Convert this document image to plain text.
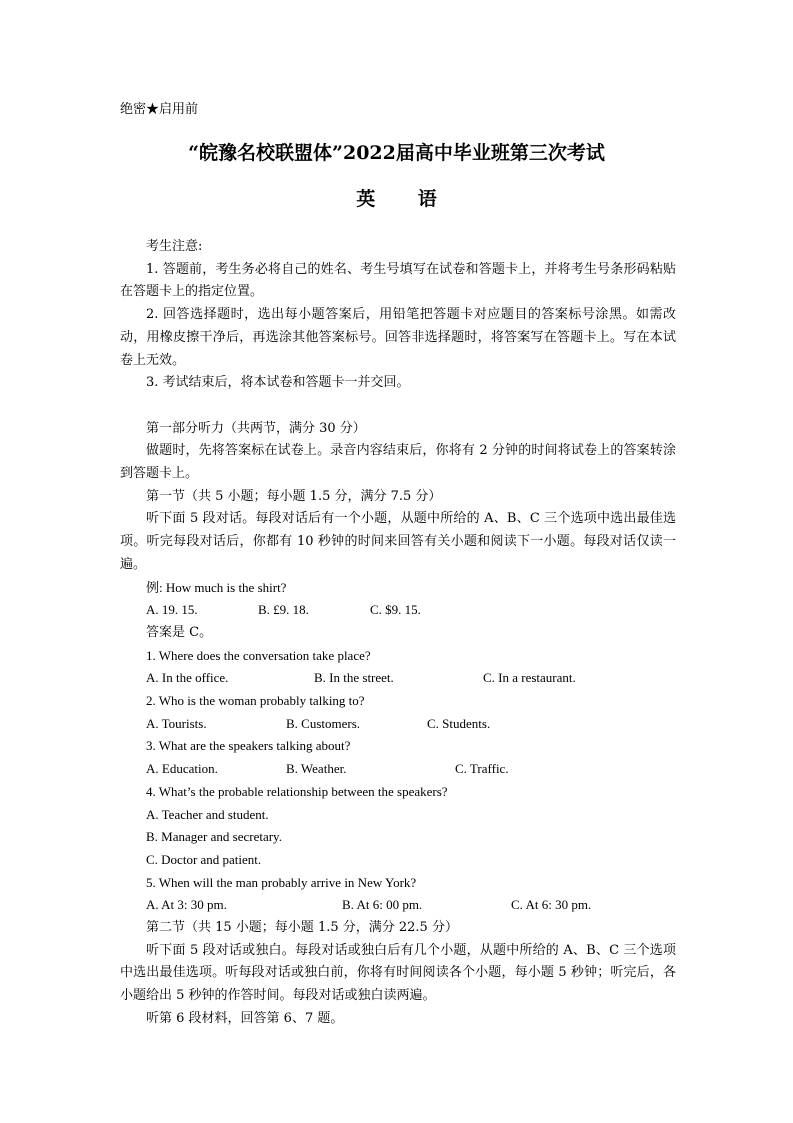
绝密★启用前
“皖豫名校联盟体”2022届高中毕业班第三次考试
英 语

考生注意:

1. 答题前，考生务必将自己的姓名、考生号填写在试卷和答题卡上，并将考生号条形码粘贴在答题卡上的指定位置。

2. 回答选择题时，选出每小题答案后，用铅笔把答题卡对应题目的答案标号涂黑。如需改动，用橡皮擦干净后，再选涂其他答案标号。回答非选择题时，将答案写在答题卡上。写在本试卷上无效。

3. 考试结束后，将本试卷和答题卡一并交回。

第一部分听力（共两节，满分 30 分）

做题时，先将答案标在试卷上。录音内容结束后，你将有 2 分钟的时间将试卷上的答案转涂到答题卡上。

第一节（共 5 小题；每小题 1.5 分，满分 7.5 分）

听下面 5 段对话。每段对话后有一个小题，从题中所给的 A、B、C 三个选项中选出最佳选项。听完每段对话后，你都有 10 秒钟的时间来回答有关小题和阅读下一小题。每段对话仅读一遍。

例: How much is the shirt?

A. 19. 15.	B. £9. 18.	C. $9. 15.

答案是 C。

1. Where does the conversation take place?

A. In the office.	B. In the street.	C. In a restaurant.

2. Who is the woman probably talking to?

A. Tourists.	B. Customers.	C. Students.

3. What are the speakers talking about?

A. Education.	B. Weather.	C. Traffic.

4. What’s the probable relationship between the speakers?

A. Teacher and student.

B. Manager and secretary.

C. Doctor and patient.

5. When will the man probably arrive in New York?

A. At 3: 30 pm.	B. At 6: 00 pm.	C. At 6: 30 pm.

第二节（共 15 小题；每小题 1.5 分，满分 22.5 分）

听下面 5 段对话或独白。每段对话或独白后有几个小题，从题中所给的 A、B、C 三个选项中选出最佳选项。听每段对话或独白前，你将有时间阅读各个小题，每小题 5 秒钟；听完后，各小题给出 5 秒钟的作答时间。每段对话或独白读两遍。

听第 6 段材料，回答第 6、7 题。
